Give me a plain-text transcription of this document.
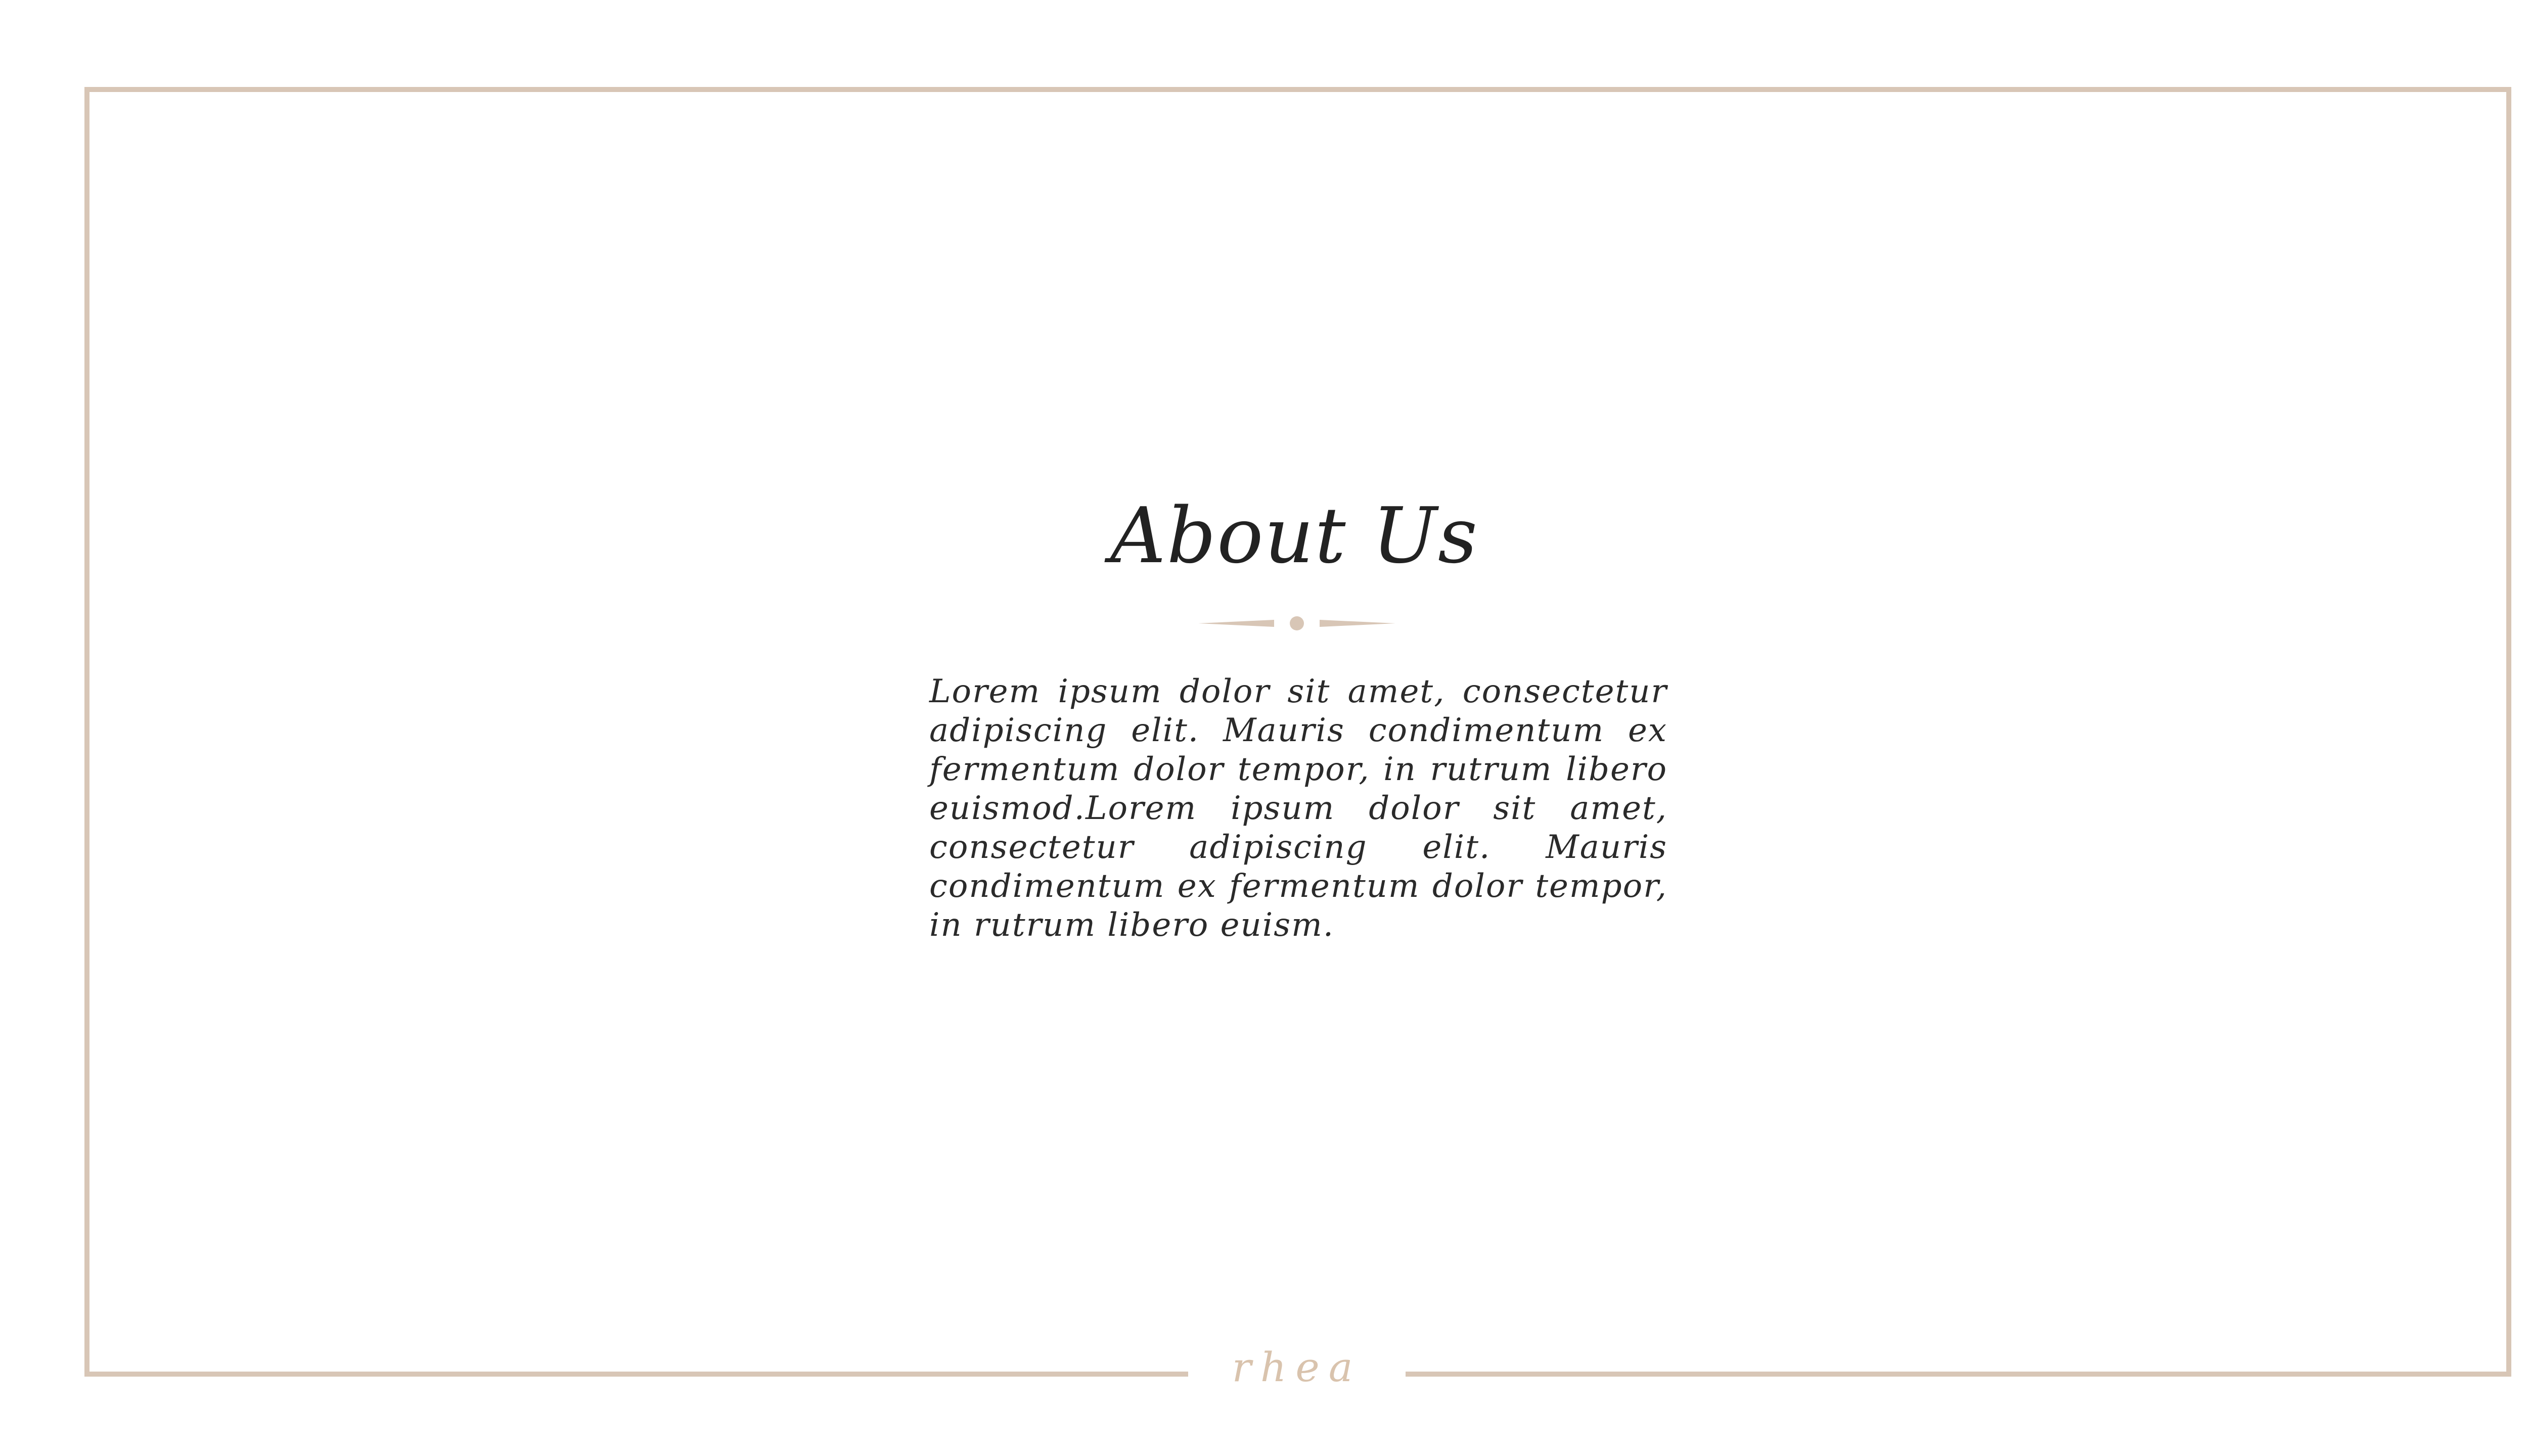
About Us
Lorem ipsum dolor sit amet, consectetur adipiscing elit. Mauris condimentum ex fermentum dolor tempor, in rutrum libero euismod.Lorem ipsum dolor sit amet, consectetur adipiscing elit. Mauris condimentum ex fermentum dolor tempor, in rutrum libero euism.
rhea
